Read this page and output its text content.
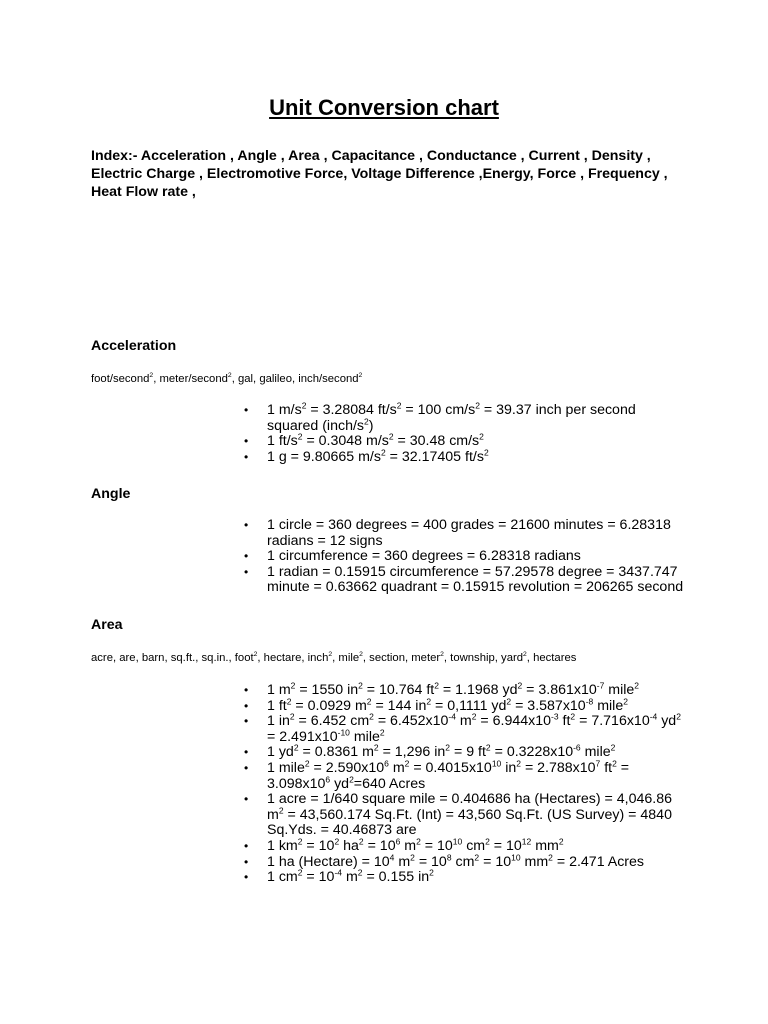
Unit Conversion chart

Index:- Acceleration , Angle , Area , Capacitance , Conductance , Current , Density , Electric Charge , Electromotive Force, Voltage Difference ,Energy, Force , Frequency , Heat Flow rate ,

Acceleration

foot/second$^2$, meter/second$^2$, gal, galileo, inch/second$^2$

• 1 $m/s^2 = 3.28084$ $ft/s^2 = 100$ $cm/s^2 = 39.37$ inch per second squared $(inch/s^2)$
• 1 $ft/s^2 = 0.3048$ $m/s^2 = 30.48$ $cm/s^2$
• 1 g = 9.80665 $m/s^2 = 32.17405$ $ft/s^2$
Angle
• 1 circle = 360 degrees = 400 grades = 21600 minutes = 6.28318 radians = 12 signs
• 1 circumference = 360 degrees = 6.28318 radians
• 1 radian = 0.15915 circumference = 57.29578 degree = 3437.747 minute = 0.63662 quadrant = 0.15915 revolution = 206265 second
Area

acre, are, barn, sq.ft., sq.in., foot$^2$, hectare, inch$^2$, mile$^2$, section, meter$^2$, township, yard$^2$, hectares

• 1 $m^2 = 1550$ $in^2 = 10.764$ $ft^2 = 1.1968$ $yd^2 = 3.861x10^{-7}$ mile$^2$
• 1 $ft^2 = 0.0929$ $m^2 = 144$ $in^2 = 0,1111$ $yd^2 = 3.587x10^{-8}$ mile$^2$
• 1 $in^2 = 6.452$ $cm^2 = 6.452x10^{-4}$ $m^2 = 6.944x10^{-3}$ $ft^2 = 7.716x10^{-4}$ $yd^2 = 2.491x10^{-10}$ mile$^2$
• 1 $yd^2 = 0.8361$ $m^2 = 1,296$ $in^2 = 9$ $ft^2 = 0.3228x10^{-6}$ mile$^2$
• 1 mile$^2$ = $2.590x10^6$ $m^2 = 0.4015x10^{10}$ $in^2 = 2.788x10^7$ $ft^2 = 3.098x10^6$ $yd^2=640$ Acres
• 1 acre = 1/640 square mile = 0.404686 ha (Hectares) = 4,046.86 $m^2 = 43,560.174$ Sq.Ft. (Int) = 43,560 Sq.Ft. (US Survey) = 4840 Sq.Yds. = 40.46873 are
• 1 $km^2 = 10^2$ $ha^2 = 10^6$ $m^2 = 10^{10}$ $cm^2 = 10^{12}$ $mm^2$
• 1 ha (Hectare) = $10^4$ $m^2 = 10^8$ $cm^2 = 10^{10}$ $mm^2 = 2.471$ Acres
• 1 $cm^2 = 10^{-4}$ $m^2 = 0.155$ $in^2$
